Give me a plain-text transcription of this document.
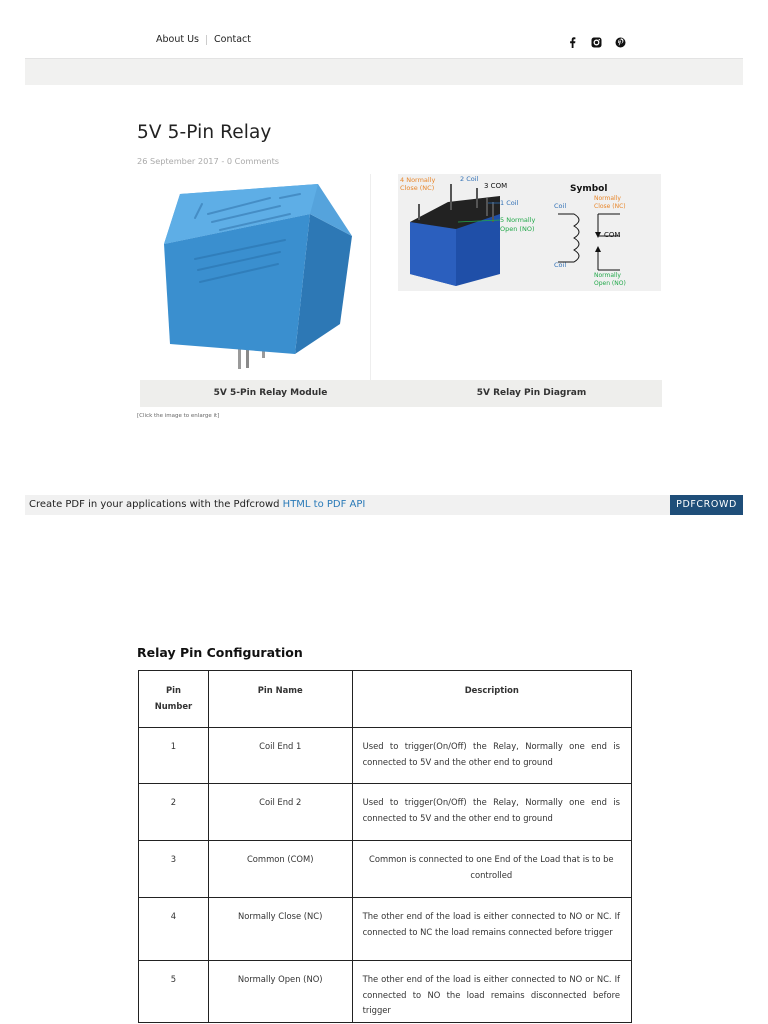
About Us Contact
5V 5-Pin Relay
26 September 2017 - 0 Comments
4 Normally
Close (NC)
2 Coil
3 COM
1 Coil
5 Normally
Open (NO)
Symbol
Coil
Normally
Close (NC)
COM
Coil
Normally
Open (NO)
5V 5-Pin Relay Module	5V Relay Pin Diagram
[Click the image to enlarge it]
Create PDF in your applications with the Pdfcrowd HTML to PDF API	PDFCROWD
Relay Pin Configuration
Pin Number	Pin Name	Description
1	Coil End 1	Used to trigger(On/Off) the Relay, Normally one end is connected to 5V and the other end to ground
2	Coil End 2	Used to trigger(On/Off) the Relay, Normally one end is connected to 5V and the other end to ground
3	Common (COM)	Common is connected to one End of the Load that is to be controlled
4	Normally Close (NC)	The other end of the load is either connected to NO or NC. If connected to NC the load remains connected before trigger
5	Normally Open (NO)	The other end of the load is either connected to NO or NC. If connected to NO the load remains disconnected before trigger
